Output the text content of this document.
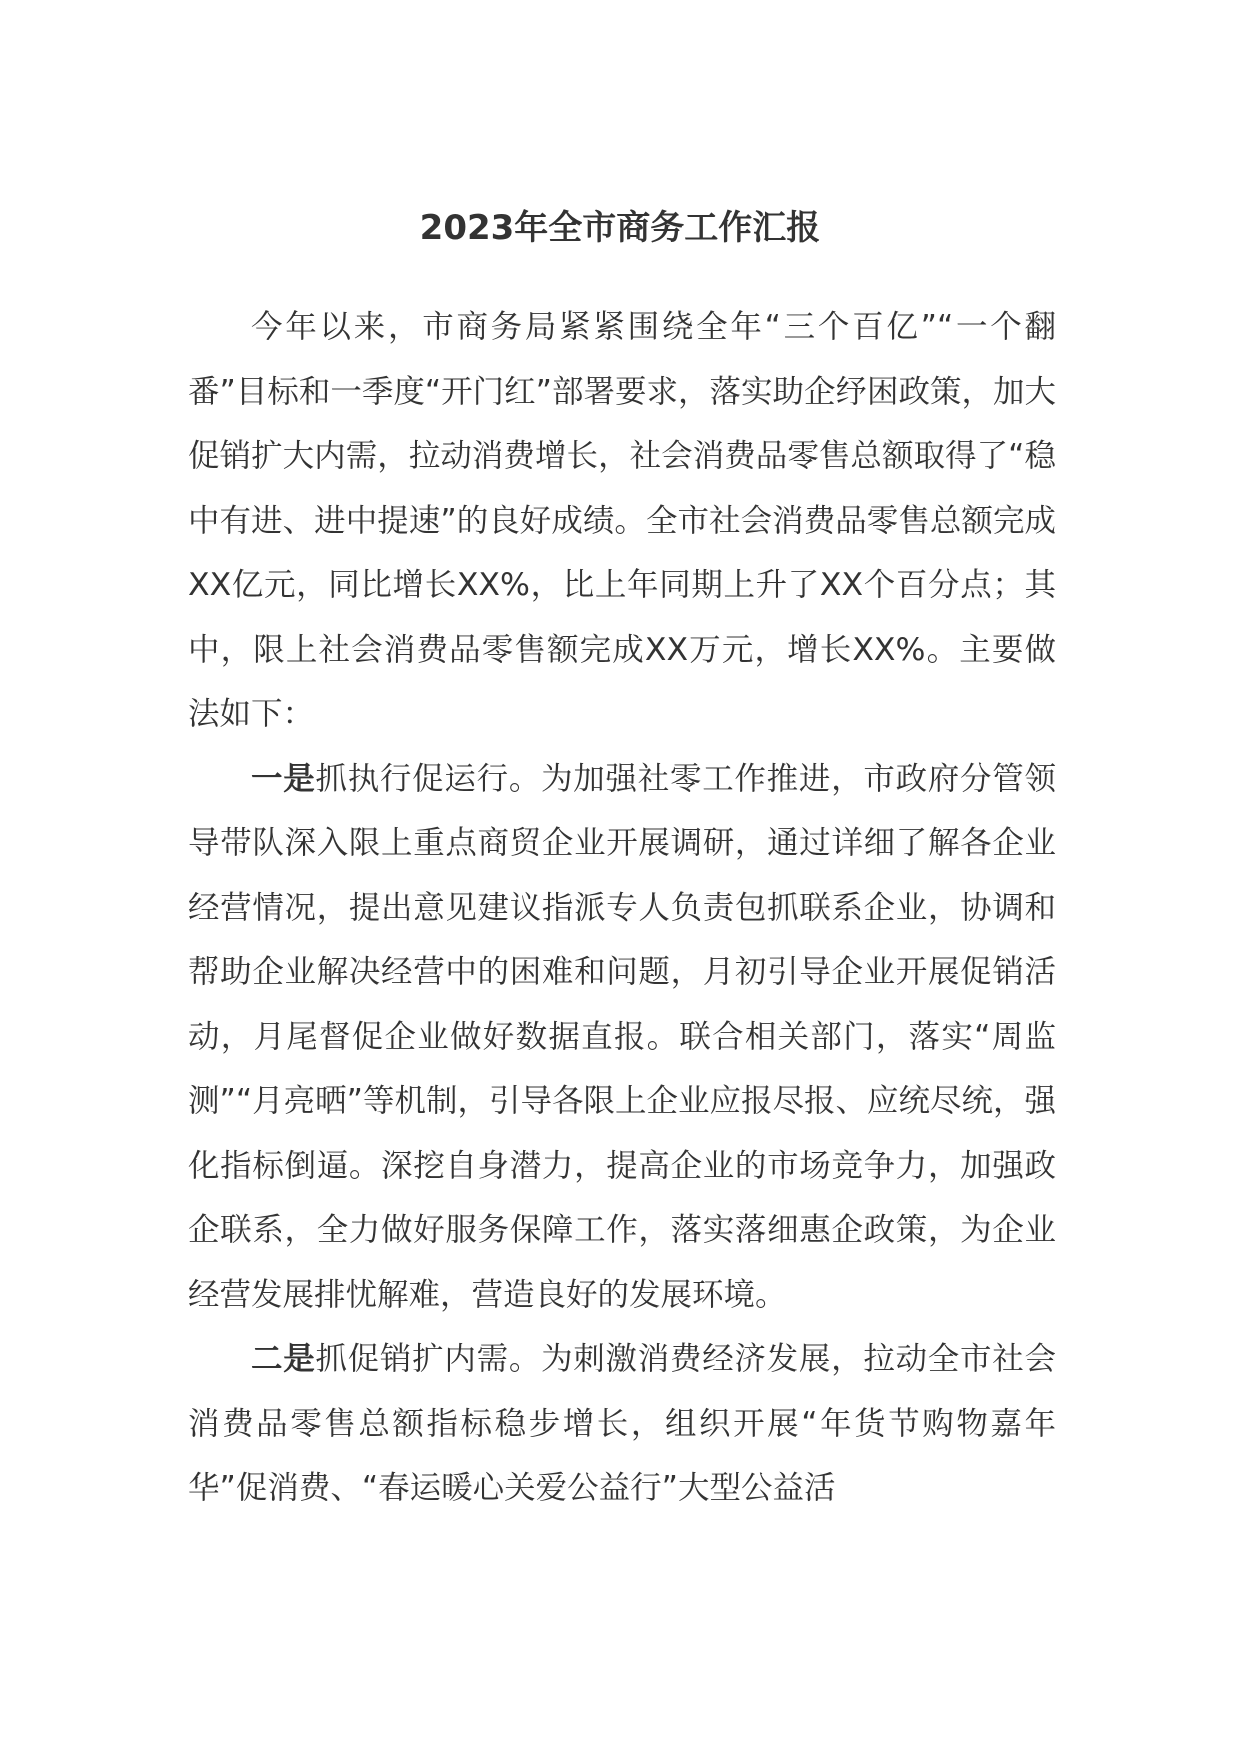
2023年全市商务工作汇报

今年以来，市商务局紧紧围绕全年“三个百亿”“一个翻番”目标和一季度“开门红”部署要求，落实助企纾困政策，加大促销扩大内需，拉动消费增长，社会消费品零售总额取得了“稳中有进、进中提速”的良好成绩。全市社会消费品零售总额完成XX亿元，同比增长XX%，比上年同期上升了XX个百分点；其中，限上社会消费品零售额完成XX万元，增长XX%。主要做法如下：

一是抓执行促运行。为加强社零工作推进，市政府分管领导带队深入限上重点商贸企业开展调研，通过详细了解各企业经营情况，提出意见建议指派专人负责包抓联系企业，协调和帮助企业解决经营中的困难和问题，月初引导企业开展促销活动，月尾督促企业做好数据直报。联合相关部门，落实“周监测”“月亮晒”等机制，引导各限上企业应报尽报、应统尽统，强化指标倒逼。深挖自身潜力，提高企业的市场竞争力，加强政企联系，全力做好服务保障工作，落实落细惠企政策，为企业经营发展排忧解难，营造良好的发展环境。

二是抓促销扩内需。为刺激消费经济发展，拉动全市社会消费品零售总额指标稳步增长，组织开展“年货节购物嘉年华”促消费、“春运暖心关爱公益行”大型公益活
